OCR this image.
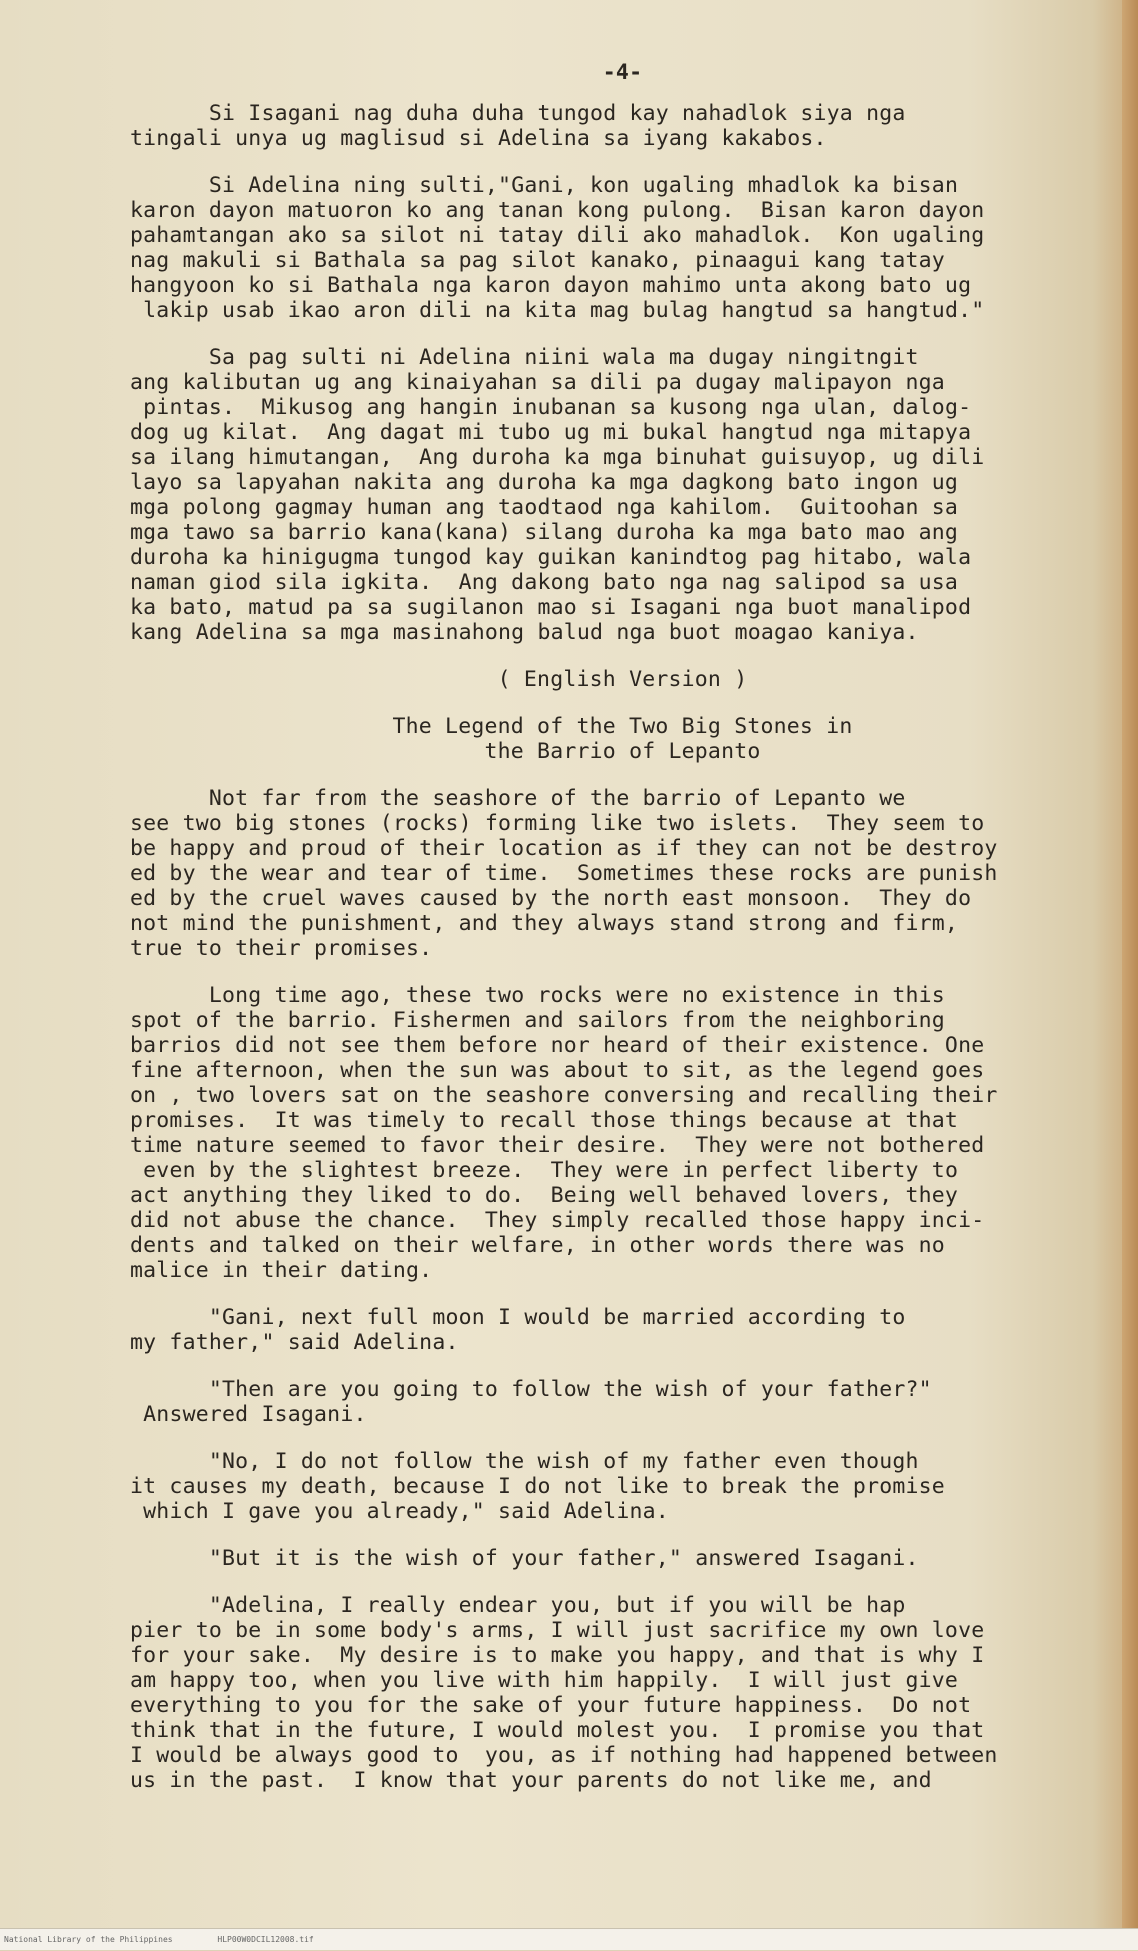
-4-
Si Isagani nag duha duha tungod kay nahadlok siya nga
tingali unya ug maglisud si Adelina sa iyang kakabos.
Si Adelina ning sulti,"Gani, kon ugaling mhadlok ka bisan
karon dayon matuoron ko ang tanan kong pulong.  Bisan karon dayon
pahamtangan ako sa silot ni tatay dili ako mahadlok.  Kon ugaling
nag makuli si Bathala sa pag silot kanako, pinaagui kang tatay
hangyoon ko si Bathala nga karon dayon mahimo unta akong bato ug
lakip usab ikao aron dili na kita mag bulag hangtud sa hangtud."
Sa pag sulti ni Adelina niini wala ma dugay ningitngit
ang kalibutan ug ang kinaiyahan sa dili pa dugay malipayon nga
pintas.  Mikusog ang hangin inubanan sa kusong nga ulan, dalog-
dog ug kilat.  Ang dagat mi tubo ug mi bukal hangtud nga mitapya
sa ilang himutangan,  Ang duroha ka mga binuhat guisuyop, ug dili
layo sa lapyahan nakita ang duroha ka mga dagkong bato ingon ug
mga polong gagmay human ang taodtaod nga kahilom.  Guitoohan sa
mga tawo sa barrio kana(kana) silang duroha ka mga bato mao ang
duroha ka hinigugma tungod kay guikan kanindtog pag hitabo, wala
naman giod sila igkita.  Ang dakong bato nga nag salipod sa usa
ka bato, matud pa sa sugilanon mao si Isagani nga buot manalipod
kang Adelina sa mga masinahong balud nga buot moagao kaniya.
( English Version )
The Legend of the Two Big Stones in
the Barrio of Lepanto
Not far from the seashore of the barrio of Lepanto we
see two big stones (rocks) forming like two islets.  They seem to
be happy and proud of their location as if they can not be destroy
ed by the wear and tear of time.  Sometimes these rocks are punish
ed by the cruel waves caused by the north east monsoon.  They do
not mind the punishment, and they always stand strong and firm,
true to their promises.
Long time ago, these two rocks were no existence in this
spot of the barrio. Fishermen and sailors from the neighboring
barrios did not see them before nor heard of their existence. One
fine afternoon, when the sun was about to sit, as the legend goes
on , two lovers sat on the seashore conversing and recalling their
promises.  It was timely to recall those things because at that
time nature seemed to favor their desire.  They were not bothered
even by the slightest breeze.  They were in perfect liberty to
act anything they liked to do.  Being well behaved lovers, they
did not abuse the chance.  They simply recalled those happy inci-
dents and talked on their welfare, in other words there was no
malice in their dating.
"Gani, next full moon I would be married according to
my father," said Adelina.
"Then are you going to follow the wish of your father?"
Answered Isagani.
"No, I do not follow the wish of my father even though
it causes my death, because I do not like to break the promise
which I gave you already," said Adelina.
"But it is the wish of your father," answered Isagani.
"Adelina, I really endear you, but if you will be hap
pier to be in some body's arms, I will just sacrifice my own love
for your sake.  My desire is to make you happy, and that is why I
am happy too, when you live with him happily.  I will just give
everything to you for the sake of your future happiness.  Do not
think that in the future, I would molest you.  I promise you that
I would be always good to  you, as if nothing had happened between
us in the past.  I know that your parents do not like me, and
National Library of the Philippines	HLP00W0DCIL12008.tif
